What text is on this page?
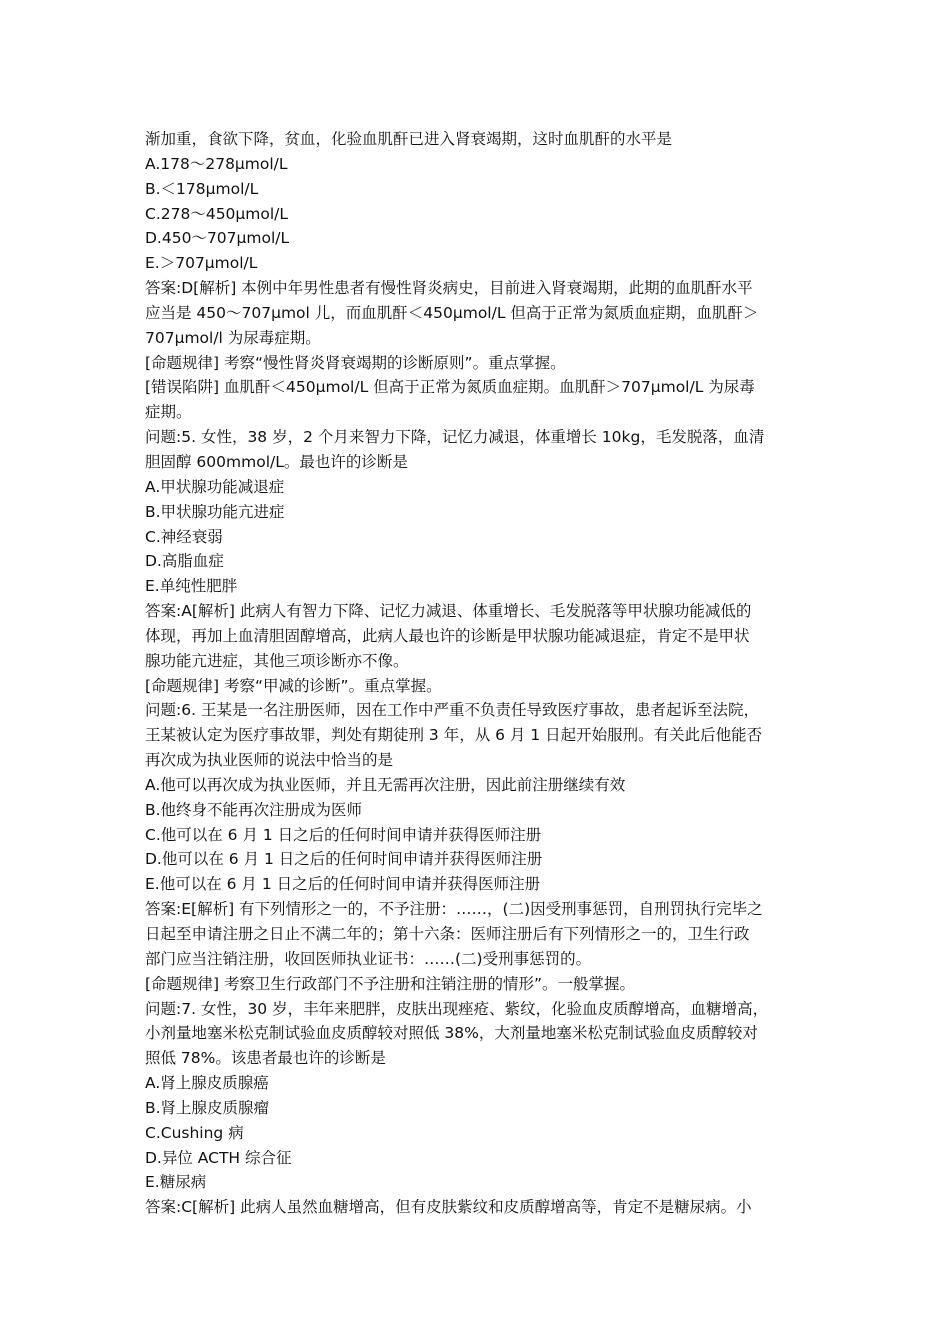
渐加重，食欲下降，贫血，化验血肌酐已进入肾衰竭期，这时血肌酐的水平是
A.178～278μmol/L
B.＜178μmol/L
C.278～450μmol/L
D.450～707μmol/L
E.＞707μmol/L
答案:D[解析] 本例中年男性患者有慢性肾炎病史，目前进入肾衰竭期，此期的血肌酐水平
应当是 450～707μmol 儿，而血肌酐＜450μmol/L 但高于正常为氮质血症期，血肌酐＞
707μmol/l 为尿毒症期。
[命题规律] 考察“慢性肾炎肾衰竭期的诊断原则”。重点掌握。
[错误陷阱] 血肌酐＜450μmol/L 但高于正常为氮质血症期。血肌酐＞707μmol/L 为尿毒
症期。
问题:5. 女性，38 岁，2 个月来智力下降，记忆力减退，体重增长 10kg，毛发脱落，血清
胆固醇 600mmol/L。最也许的诊断是
A.甲状腺功能减退症
B.甲状腺功能亢进症
C.神经衰弱
D.高脂血症
E.单纯性肥胖
答案:A[解析] 此病人有智力下降、记忆力减退、体重增长、毛发脱落等甲状腺功能减低的
体现，再加上血清胆固醇增高，此病人最也许的诊断是甲状腺功能减退症，肯定不是甲状
腺功能亢进症，其他三项诊断亦不像。
[命题规律] 考察“甲减的诊断”。重点掌握。
问题:6. 王某是一名注册医师，因在工作中严重不负责任导致医疗事故，患者起诉至法院，
王某被认定为医疗事故罪，判处有期徒刑 3 年，从 6 月 1 日起开始服刑。有关此后他能否
再次成为执业医师的说法中恰当的是
A.他可以再次成为执业医师，并且无需再次注册，因此前注册继续有效
B.他终身不能再次注册成为医师
C.他可以在 6 月 1 日之后的任何时间申请并获得医师注册
D.他可以在 6 月 1 日之后的任何时间申请并获得医师注册
E.他可以在 6 月 1 日之后的任何时间申请并获得医师注册
答案:E[解析] 有下列情形之一的，不予注册：……，(二)因受刑事惩罚，自刑罚执行完毕之
日起至申请注册之日止不满二年的；第十六条：医师注册后有下列情形之一的，卫生行政
部门应当注销注册，收回医师执业证书：……(二)受刑事惩罚的。
[命题规律] 考察卫生行政部门不予注册和注销注册的情形”。一般掌握。
问题:7. 女性，30 岁，丰年来肥胖，皮肤出现痤疮、紫纹，化验血皮质醇增高，血糖增高，
小剂量地塞米松克制试验血皮质醇较对照低 38%，大剂量地塞米松克制试验血皮质醇较对
照低 78%。该患者最也许的诊断是
A.肾上腺皮质腺癌
B.肾上腺皮质腺瘤
C.Cushing 病
D.异位 ACTH 综合征
E.糖尿病
答案:C[解析] 此病人虽然血糖增高，但有皮肤紫纹和皮质醇增高等，肯定不是糖尿病。小
